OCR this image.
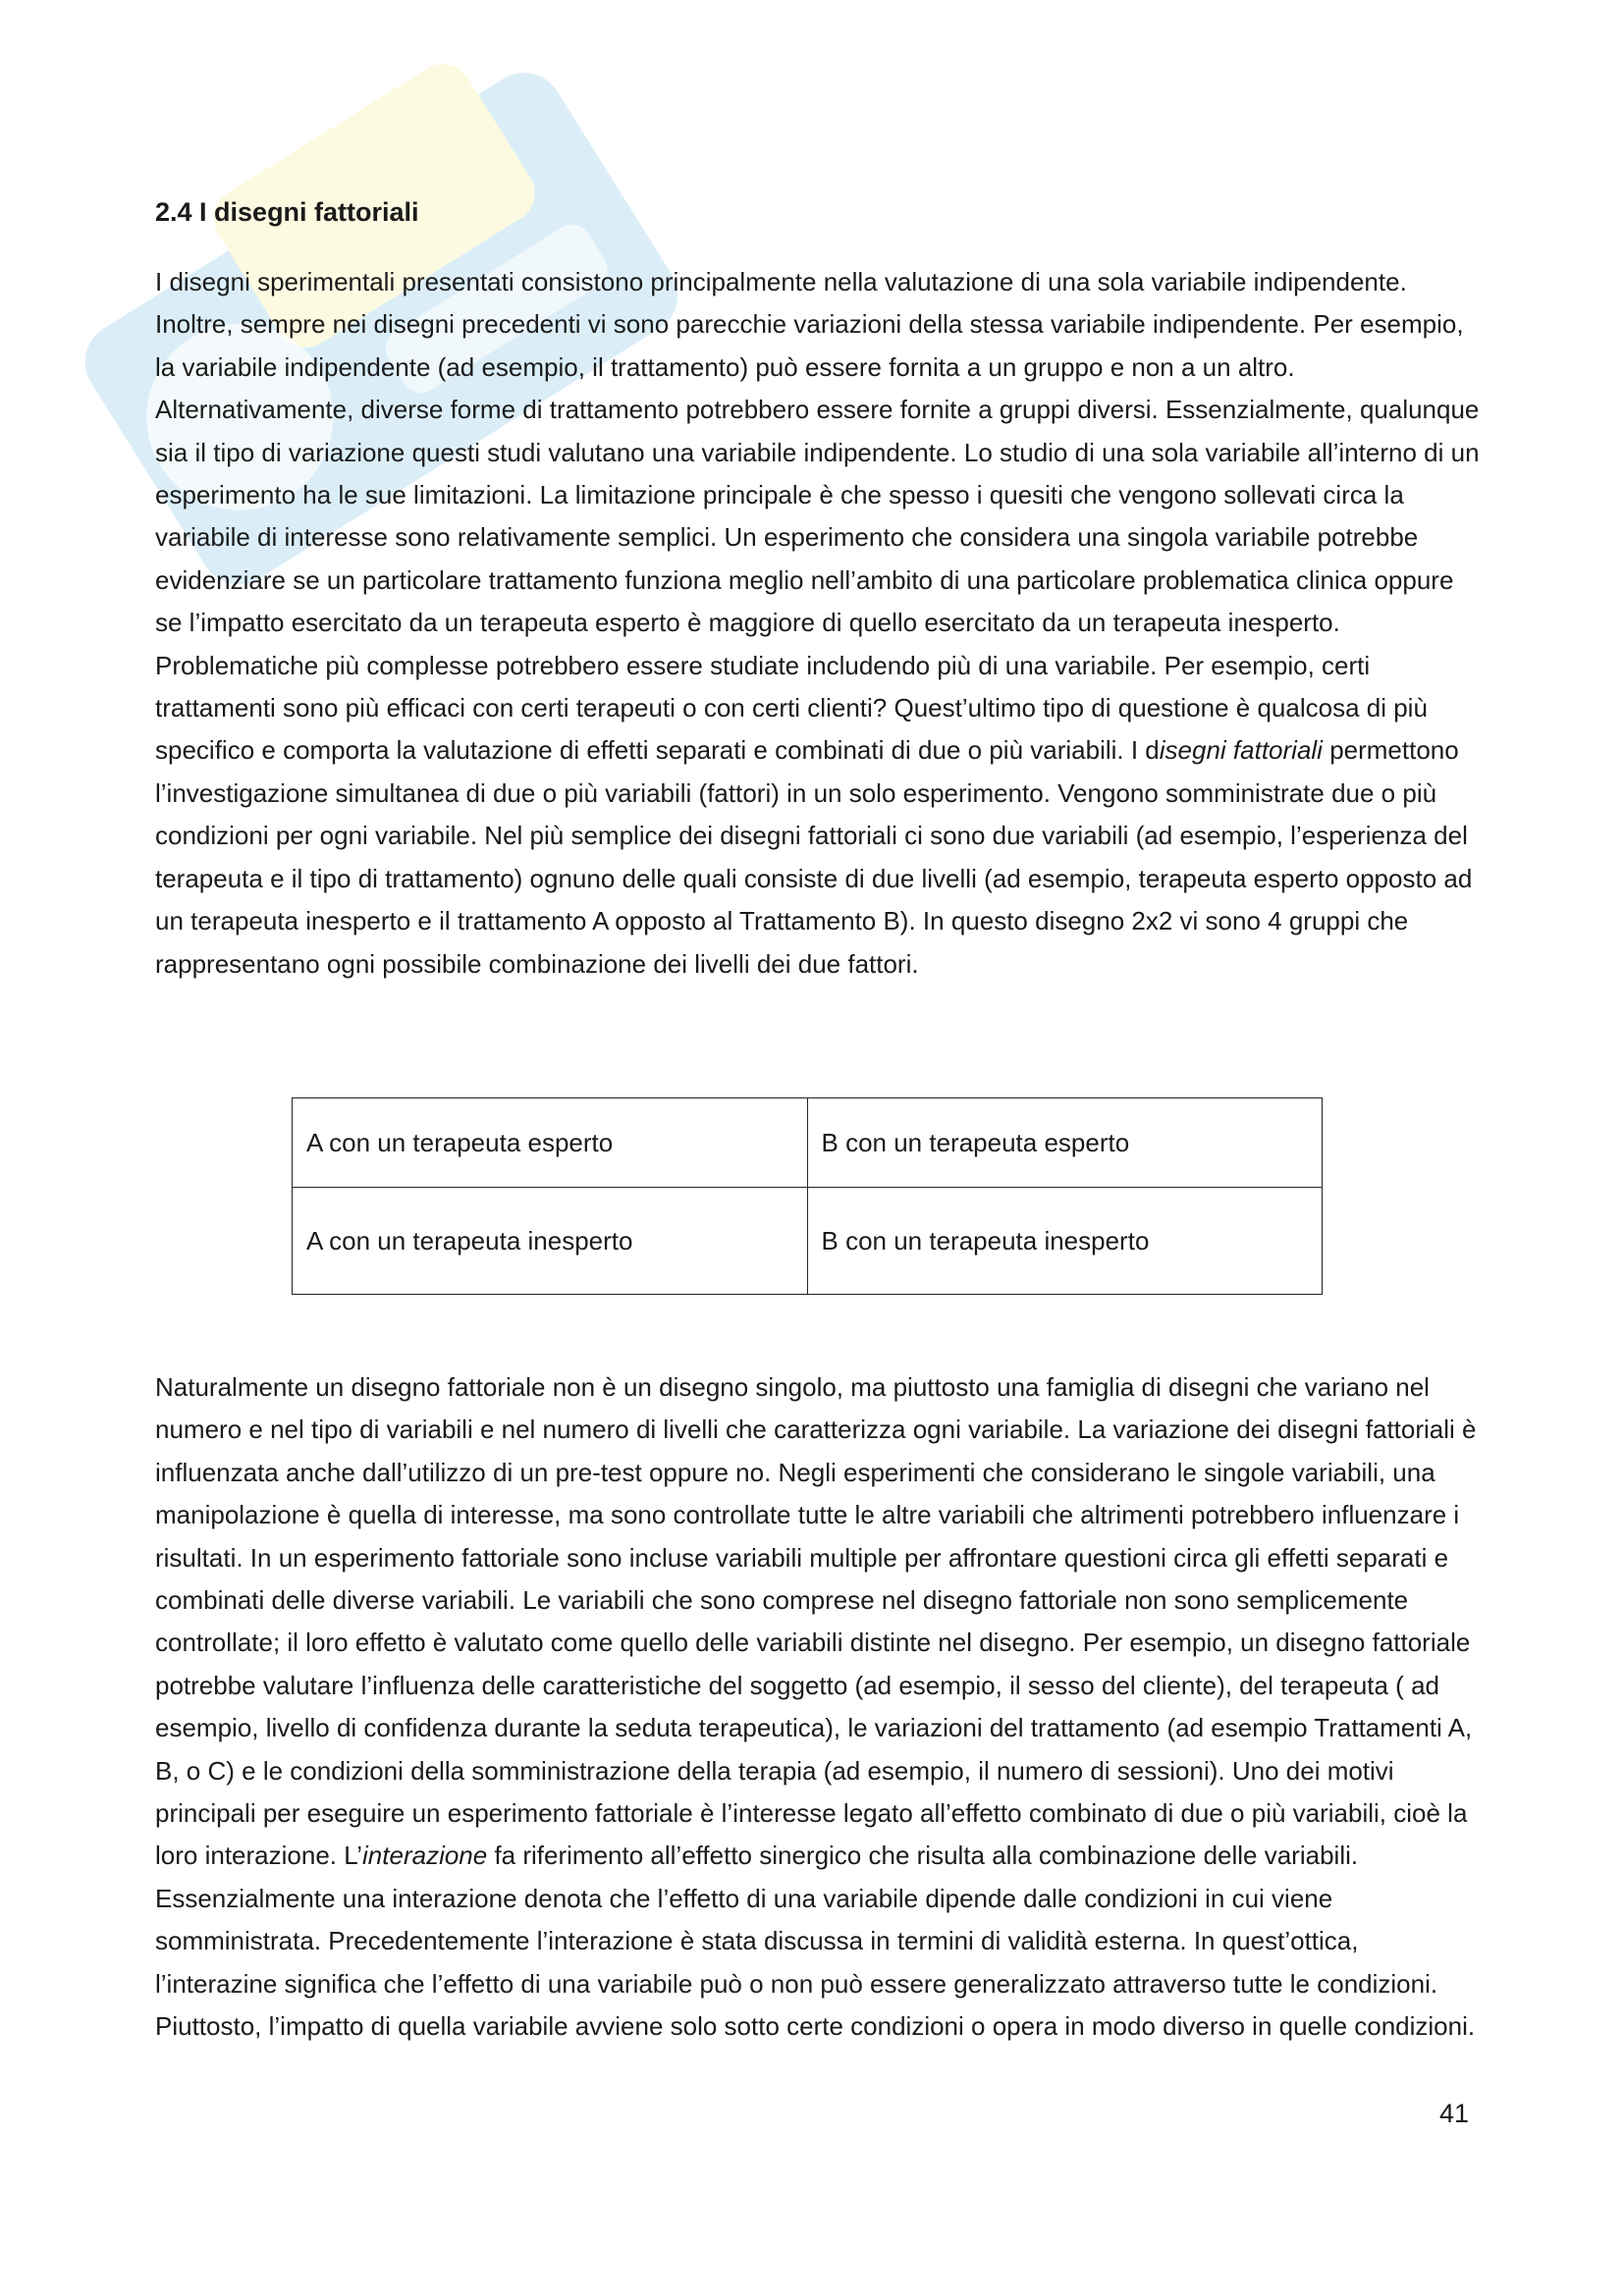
2.4 I disegni fattoriali

I disegni sperimentali presentati consistono principalmente nella valutazione di una sola variabile indipendente. Inoltre, sempre nei disegni precedenti vi sono parecchie variazioni della stessa variabile indipendente. Per esempio, la variabile indipendente (ad esempio, il trattamento) può essere fornita a un gruppo e non a un altro. Alternativamente, diverse forme di trattamento potrebbero essere fornite a gruppi diversi. Essenzialmente, qualunque sia il tipo di variazione questi studi valutano una variabile indipendente. Lo studio di una sola variabile all’interno di un esperimento ha le sue limitazioni. La limitazione principale è che spesso i quesiti che vengono sollevati circa la variabile di interesse sono relativamente semplici. Un esperimento che considera una singola variabile potrebbe evidenziare se un particolare trattamento funziona meglio nell’ambito di una particolare problematica clinica oppure se l’impatto esercitato da un terapeuta esperto è maggiore di quello esercitato da un terapeuta inesperto. Problematiche più complesse potrebbero essere studiate includendo più di una variabile. Per esempio, certi trattamenti sono più efficaci con certi terapeuti o con certi clienti? Quest’ultimo tipo di questione è qualcosa di più specifico e comporta la valutazione di effetti separati e combinati di due o più variabili. I disegni fattoriali permettono l’investigazione simultanea di due o più variabili (fattori) in un solo esperimento. Vengono somministrate due o più condizioni per ogni variabile. Nel più semplice dei disegni fattoriali ci sono due variabili (ad esempio, l’esperienza del terapeuta e il tipo di trattamento) ognuno delle quali consiste di due livelli (ad esempio, terapeuta esperto opposto ad un terapeuta inesperto e il trattamento A opposto al Trattamento B). In questo disegno 2x2 vi sono 4 gruppi che rappresentano ogni possibile combinazione dei livelli dei due fattori.

A con un terapeuta esperto	B con un terapeuta esperto
A con un terapeuta inesperto	B con un terapeuta inesperto

Naturalmente un disegno fattoriale non è un disegno singolo, ma piuttosto una famiglia di disegni che variano nel numero e nel tipo di variabili e nel numero di livelli che caratterizza ogni variabile. La variazione dei disegni fattoriali è influenzata anche dall’utilizzo di un pre-test oppure no. Negli esperimenti che considerano le singole variabili, una manipolazione è quella di interesse, ma sono controllate tutte le altre variabili che altrimenti potrebbero influenzare i risultati. In un esperimento fattoriale sono incluse variabili multiple per affrontare questioni circa gli effetti separati e combinati delle diverse variabili. Le variabili che sono comprese nel disegno fattoriale non sono semplicemente controllate; il loro effetto è valutato come quello delle variabili distinte nel disegno. Per esempio, un disegno fattoriale potrebbe valutare l’influenza delle caratteristiche del soggetto (ad esempio, il sesso del cliente), del terapeuta ( ad esempio, livello di confidenza durante la seduta terapeutica), le variazioni del trattamento (ad esempio Trattamenti A, B, o C) e le condizioni della somministrazione della terapia (ad esempio, il numero di sessioni). Uno dei motivi principali per eseguire un esperimento fattoriale è l’interesse legato all’effetto combinato di due o più variabili, cioè la loro interazione. L’interazione fa riferimento all’effetto sinergico che risulta alla combinazione delle variabili. Essenzialmente una interazione denota che l’effetto di una variabile dipende dalle condizioni in cui viene somministrata. Precedentemente l’interazione è stata discussa in termini di validità esterna. In quest’ottica, l’interazine significa che l’effetto di una variabile può o non può essere generalizzato attraverso tutte le condizioni. Piuttosto, l’impatto di quella variabile avviene solo sotto certe condizioni o opera in modo diverso in quelle condizioni.

41
